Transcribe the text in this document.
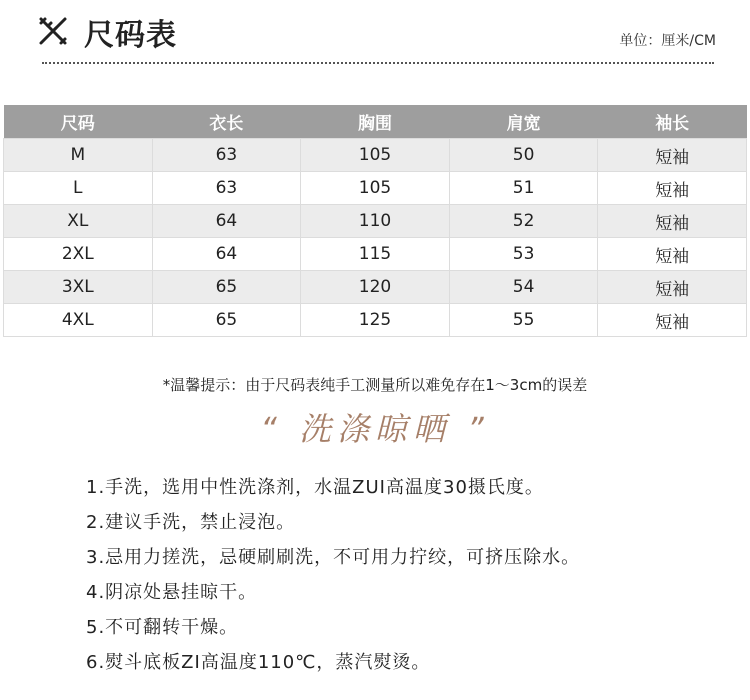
尺码表	单位：厘米/CM
尺码	衣长	胸围	肩宽	袖长
M	63	105	50	短袖
L	63	105	51	短袖
XL	64	110	52	短袖
2XL	64	115	53	短袖
3XL	65	120	54	短袖
4XL	65	125	55	短袖
*温馨提示：由于尺码表纯手工测量所以难免存在1～3cm的误差
“ 洗涤晾晒 ”
1.手洗，选用中性洗涤剂，水温ZUI高温度30摄氏度。
2.建议手洗，禁止浸泡。
3.忌用力搓洗，忌硬刷刷洗，不可用力拧绞，可挤压除水。
4.阴凉处悬挂晾干。
5.不可翻转干燥。
6.熨斗底板ZI高温度110℃，蒸汽熨烫。
